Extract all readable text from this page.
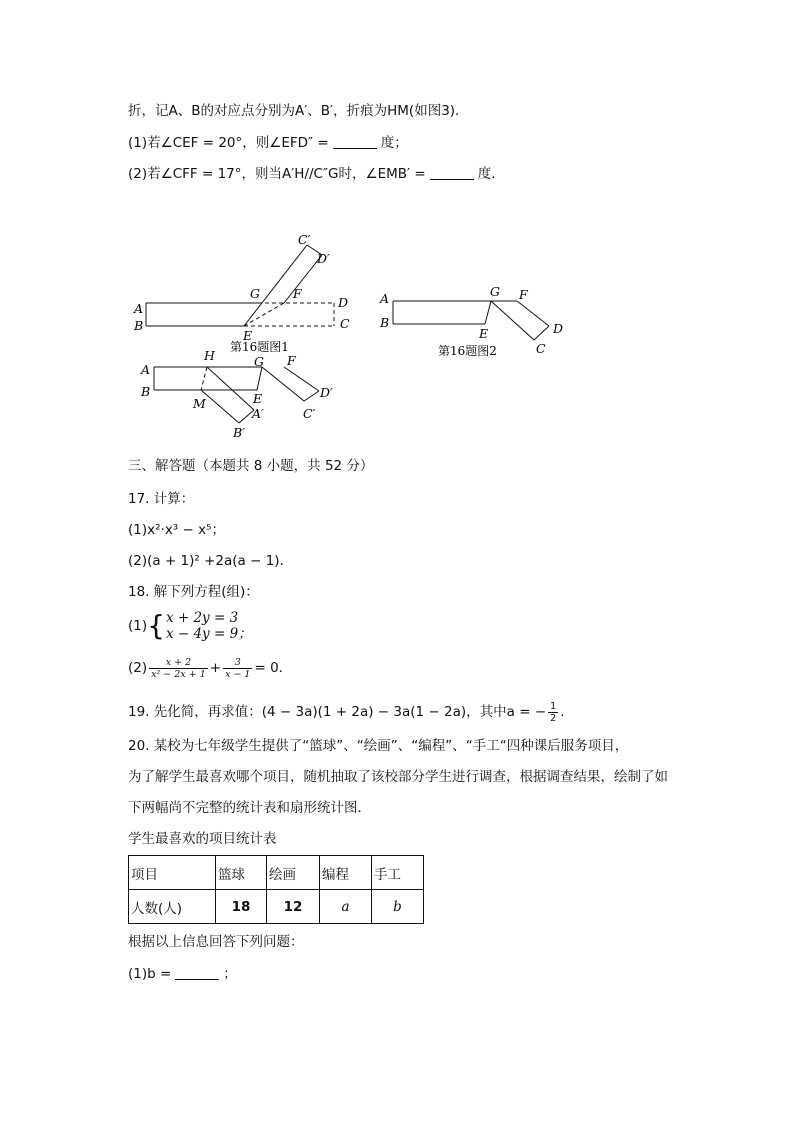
折，记A、B的对应点分别为A′、B′，折痕为HM(如图3)．
(1)若∠CEF = 20°，则∠EFD″ =	度；
(2)若∠CFF = 17°，则当A′H//C″G时，∠EMB′ =	度.
A
B
G	F
E
D
C
C′
D′
第16题图1
A
B
G F
E	D
C
第16题图2
A
B
H	G F
M	E
A′
B′
D′
C′
三、解答题（本题共 8 小题，共 52 分）
17. 计算：
(1)x²·x³ − x⁵；
(2)(a + 1)² +2a(a − 1)．
18. 解下列方程(组)：
(1){ x + 2y = 3
x − 4y = 9；
$(2) \frac{x + 2}{\text{x² − 2x + 1}} + \frac{3}{x - 1} = 0$．
19. 先化简，再求值：(4 − 3a)(1 + 2a) − 3a(1 − 2a)，其中a = − $\frac{1}{2}$ .
20. 某校为七年级学生提供了“篮球”、“绘画”、“编程”、“手工“四种课后服务项目，
为了解学生最喜欢哪个项目，随机抽取了该校部分学生进行调查，根据调查结果，绘制了如
下两幅尚不完整的统计表和扇形统计图．
学生最喜欢的项目统计表
项目	篮球	绘画	编程	手工
人数(人)	18	12	a	b
根据以上信息回答下列问题：
(1)b =	；
